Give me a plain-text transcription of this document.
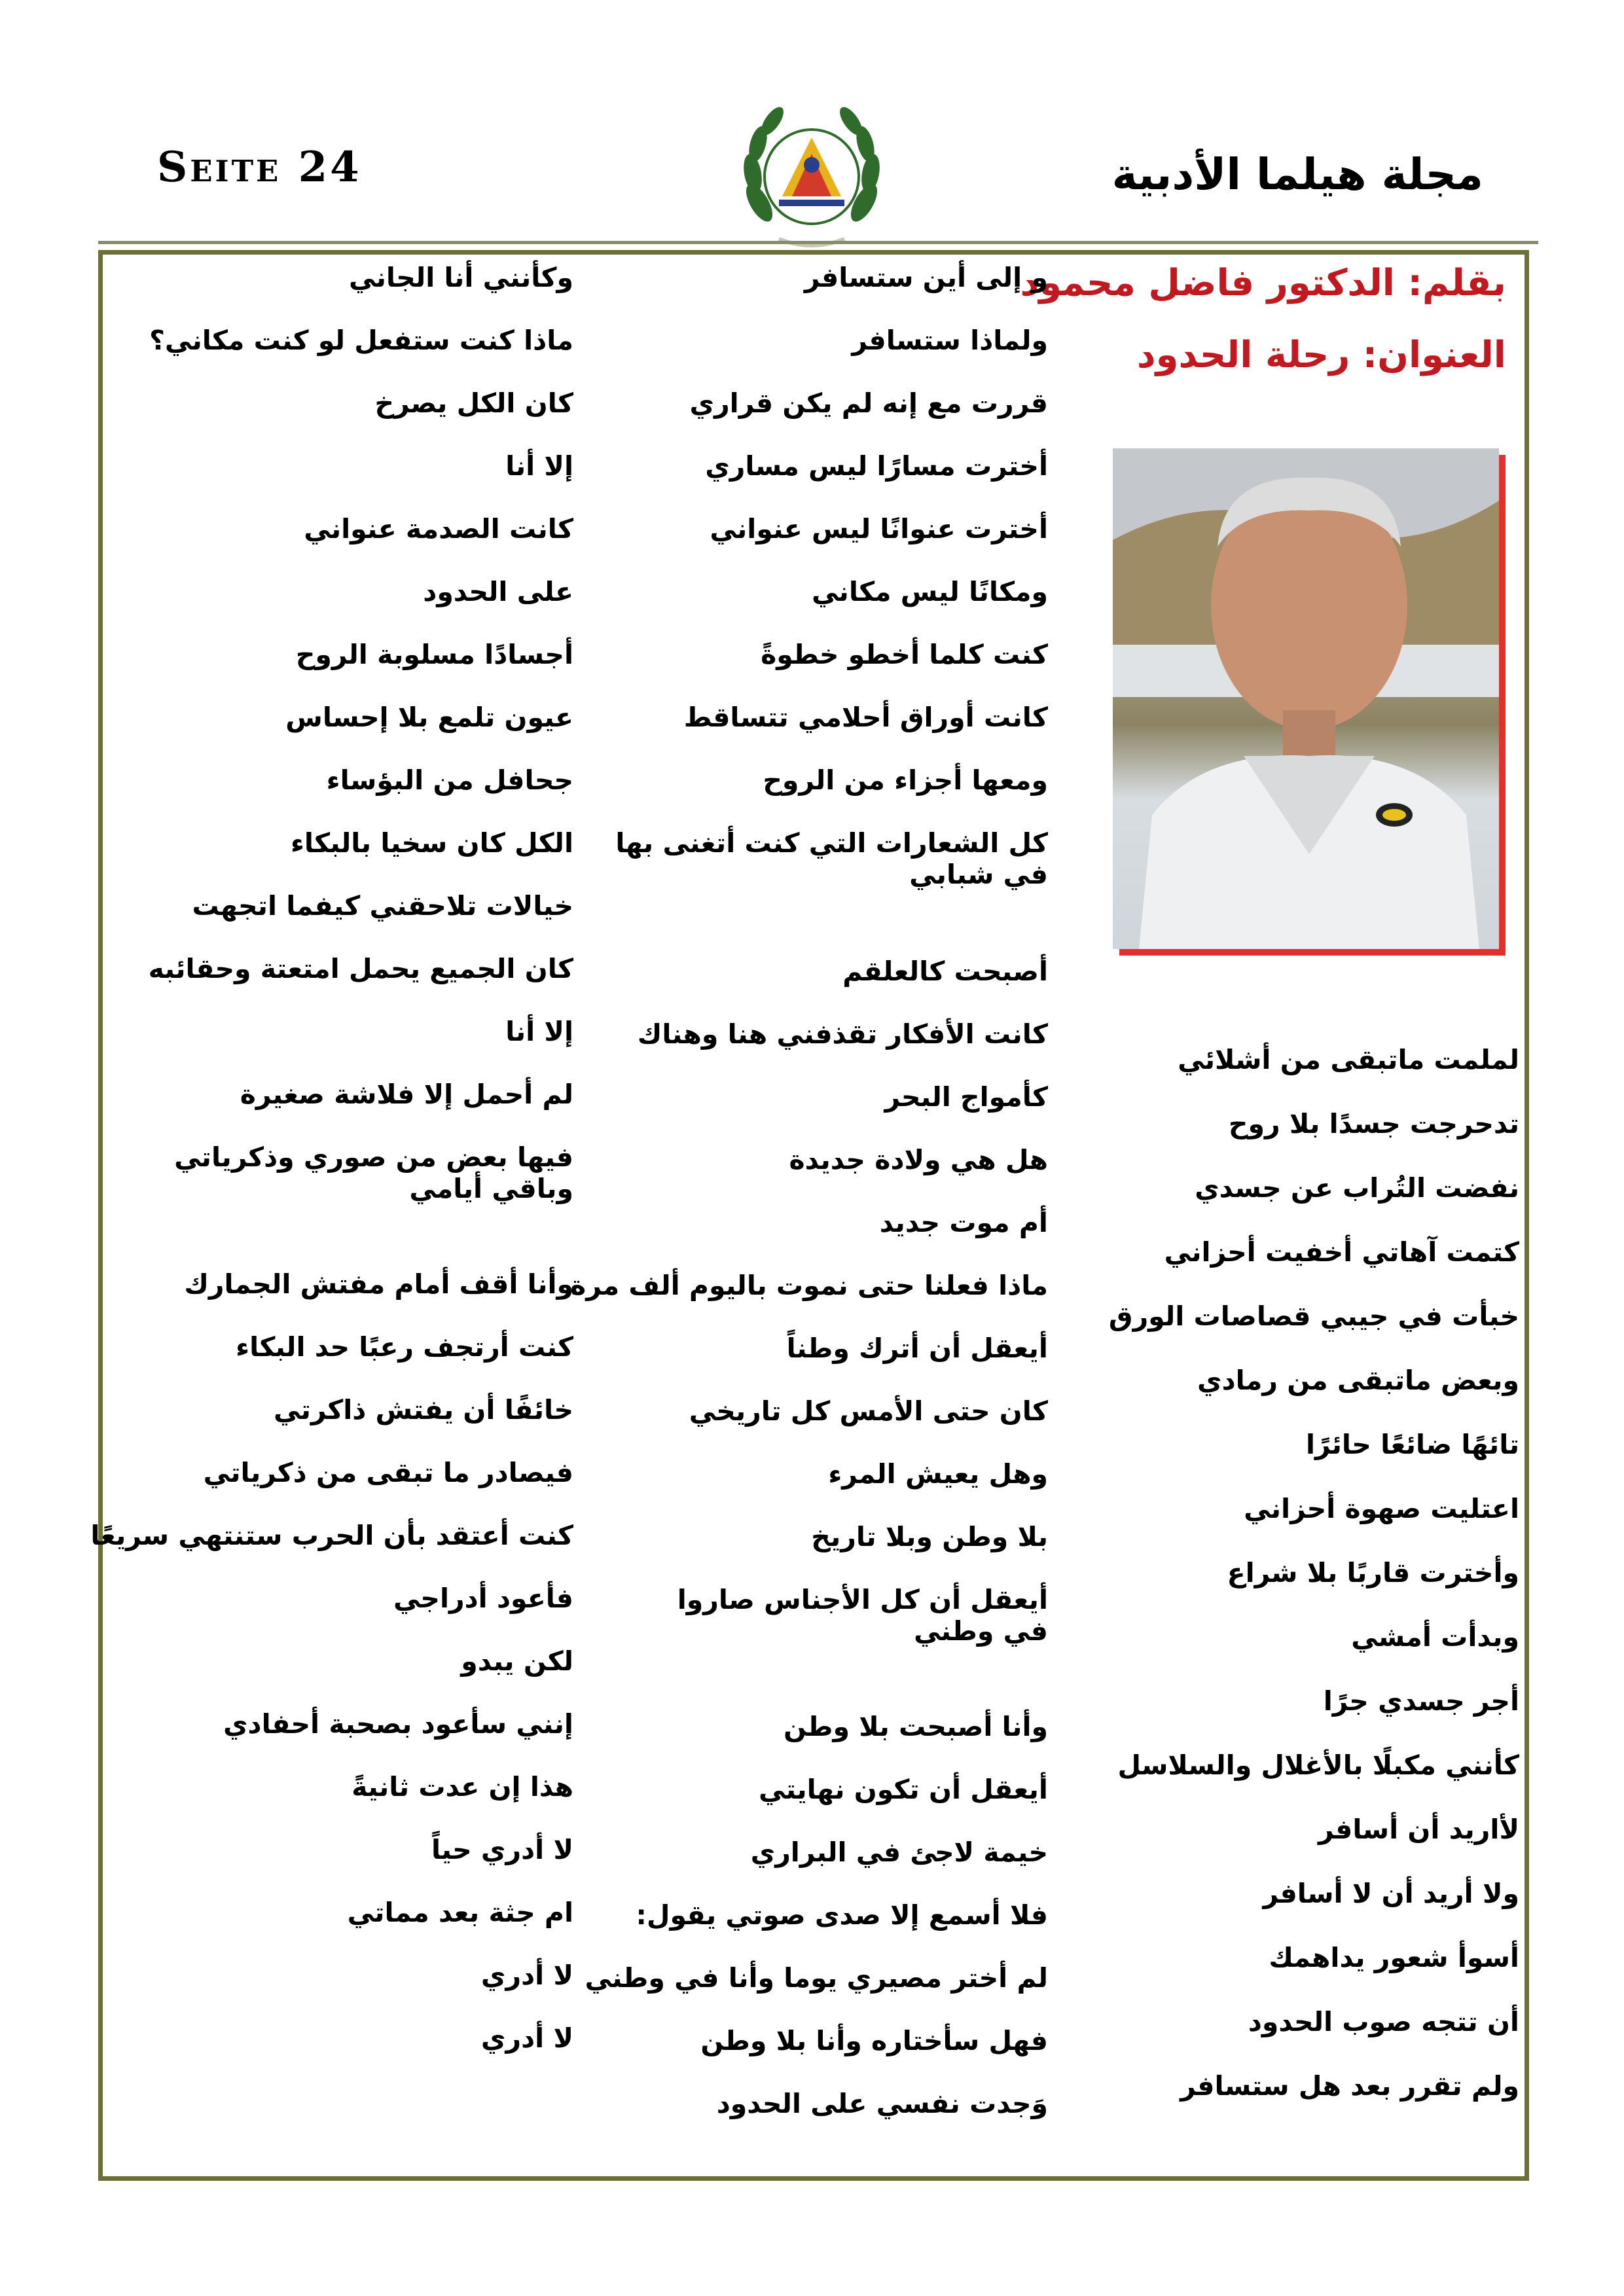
Seite 24	مجلة هيلما الأدبية
بقلم: الدكتور فاضل محمود
العنوان: رحلة الحدود
لملمت ماتبقى من أشلائي
تدحرجت جسدًا بلا روح
نفضت التُراب عن جسدي
كتمت آهاتي أخفيت أحزاني
خبأت في جيبي قصاصات الورق
وبعض ماتبقى من رمادي
تائهًا ضائعًا حائرًا
اعتليت صهوة أحزاني
وأخترت قاربًا بلا شراع
وبدأت أمشي
أجر جسدي جرًا
كأنني مكبلًا بالأغلال والسلاسل
لأاريد أن أسافر
ولا أريد أن لا أسافر
أسوأ شعور يداهمك
أن تتجه صوب الحدود
ولم تقرر بعد هل ستسافر
و إلى أين ستسافر
ولماذا ستسافر
قررت مع إنه لم يكن قراري
أخترت مسارًا ليس مساري
أخترت عنوانًا ليس عنواني
ومكانًا ليس مكاني
كنت كلما أخطو خطوةً
كانت أوراق أحلامي تتساقط
ومعها أجزاء من الروح
كل الشعارات التي كنت أتغنى بها في شبابي
أصبحت كالعلقم
كانت الأفكار تقذفني هنا وهناك
كأمواج البحر
هل هي ولادة جديدة
أم موت جديد
ماذا فعلنا حتى نموت باليوم ألف مرة
أيعقل أن أترك وطناً
كان حتى الأمس كل تاريخي
وهل يعيش المرء
بلا وطن وبلا تاريخ
أيعقل أن كل الأجناس صاروا في وطني
وأنا أصبحت بلا وطن
أيعقل أن تكون نهايتي
خيمة لاجئ في البراري
فلا أسمع إلا صدى صوتي يقول:
لم أختر مصيري يوما وأنا في وطني
فهل سأختاره وأنا بلا وطن
وَجدت نفسي على الحدود
وكأنني أنا الجاني
ماذا كنت ستفعل لو كنت مكاني؟
كان الكل يصرخ
إلا أنا
كانت الصدمة عنواني
على الحدود
أجسادًا مسلوبة الروح
عيون تلمع بلا إحساس
جحافل من البؤساء
الكل كان سخيا بالبكاء
خيالات تلاحقني كيفما اتجهت
كان الجميع يحمل امتعتة وحقائبه
إلا أنا
لم أحمل إلا فلاشة صغيرة
فيها بعض من صوري وذكرياتي وباقي أيامي
وأنا أقف أمام مفتش الجمارك
كنت أرتجف رعبًا حد البكاء
خائفًا أن يفتش ذاكرتي
فيصادر ما تبقى من ذكرياتي
كنت أعتقد بأن الحرب ستنتهي سريعًا
فأعود أدراجي
لكن يبدو
إنني سأعود بصحبة أحفادي
هذا إن عدت ثانيةً
لا أدري حياً
ام جثة بعد مماتي
لا أدري
لا أدري
